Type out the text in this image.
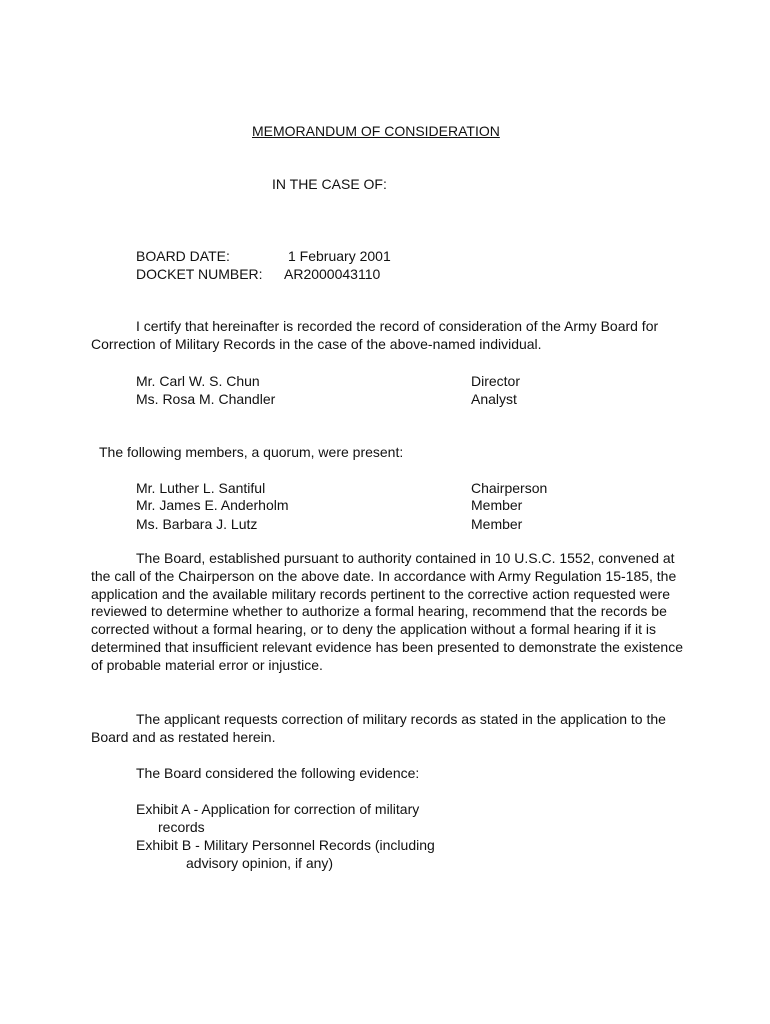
MEMORANDUM OF CONSIDERATION
IN THE CASE OF:
BOARD DATE:	1 February 2001
DOCKET NUMBER: AR2000043110
I certify that hereinafter is recorded the record of consideration of the Army Board for Correction of Military Records in the case of the above-named individual.
Mr. Carl W. S. Chun	Director
Ms. Rosa M. Chandler	Analyst
The following members, a quorum, were present:
Mr. Luther L. Santiful	Chairperson
Mr. James E. Anderholm	Member
Ms. Barbara J. Lutz	Member
The Board, established pursuant to authority contained in 10 U.S.C. 1552, convened at the call of the Chairperson on the above date. In accordance with Army Regulation 15-185, the application and the available military records pertinent to the corrective action requested were reviewed to determine whether to authorize a formal hearing, recommend that the records be corrected without a formal hearing, or to deny the application without a formal hearing if it is determined that insufficient relevant evidence has been presented to demonstrate the existence of probable material error or injustice.
The applicant requests correction of military records as stated in the application to the Board and as restated herein.
The Board considered the following evidence:
Exhibit A - Application for correction of military
records
Exhibit B - Military Personnel Records (including
advisory opinion, if any)
